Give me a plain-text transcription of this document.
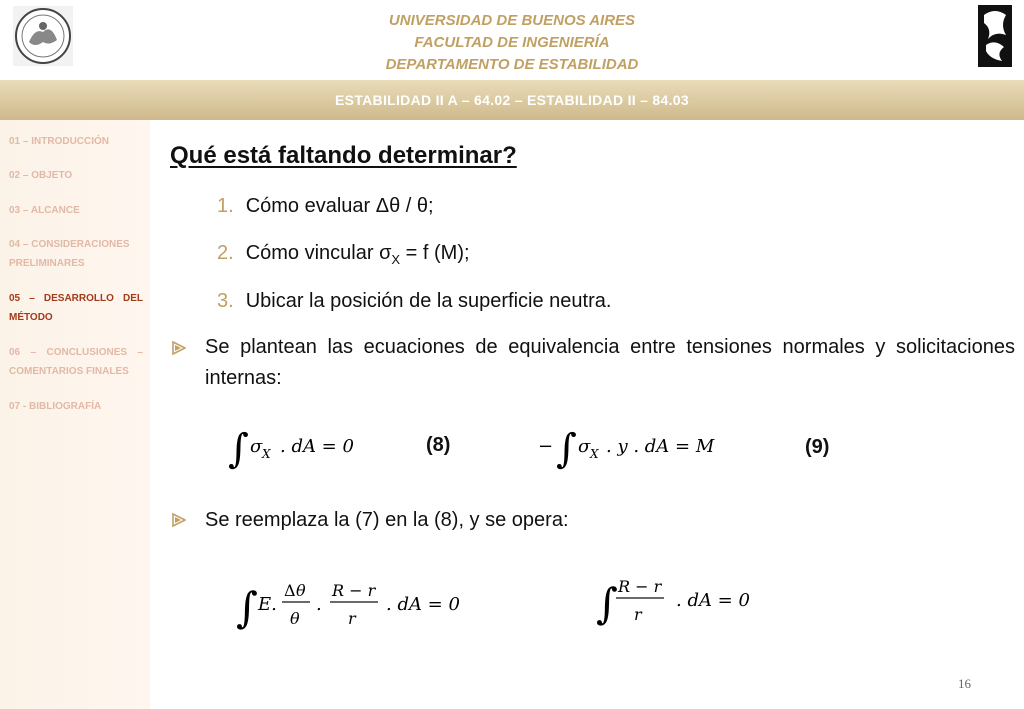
UNIVERSIDAD DE BUENOS AIRES
FACULTAD DE INGENIERÍA
DEPARTAMENTO DE ESTABILIDAD
ESTABILIDAD II A – 64.02 – ESTABILIDAD II – 84.03
01 – INTRODUCCIÓN
02 – OBJETO
03 – ALCANCE
04 – CONSIDERACIONES PRELIMINARES
05 – DESARROLLO DEL MÉTODO
06 – CONCLUSIONES – COMENTARIOS FINALES
07 - BIBLIOGRAFÍA
Qué está faltando determinar?
1. Cómo evaluar Δθ / θ;
2. Cómo vincular $\sigma_X = f$ (M);
3. Ubicar la posición de la superficie neutra.
Se plantean las ecuaciones de equivalencia entre tensiones normales y solicitaciones internas:
∫ σ X . dA = 0	(8)	− ∫ σ X . y . dA = M	(9)
Se reemplaza la (7) en la (8), y se opera:
∫ E.
Δ θ
θ
.
R − r
r
. dA = 0	∫ R − r
r
. dA = 0
16
